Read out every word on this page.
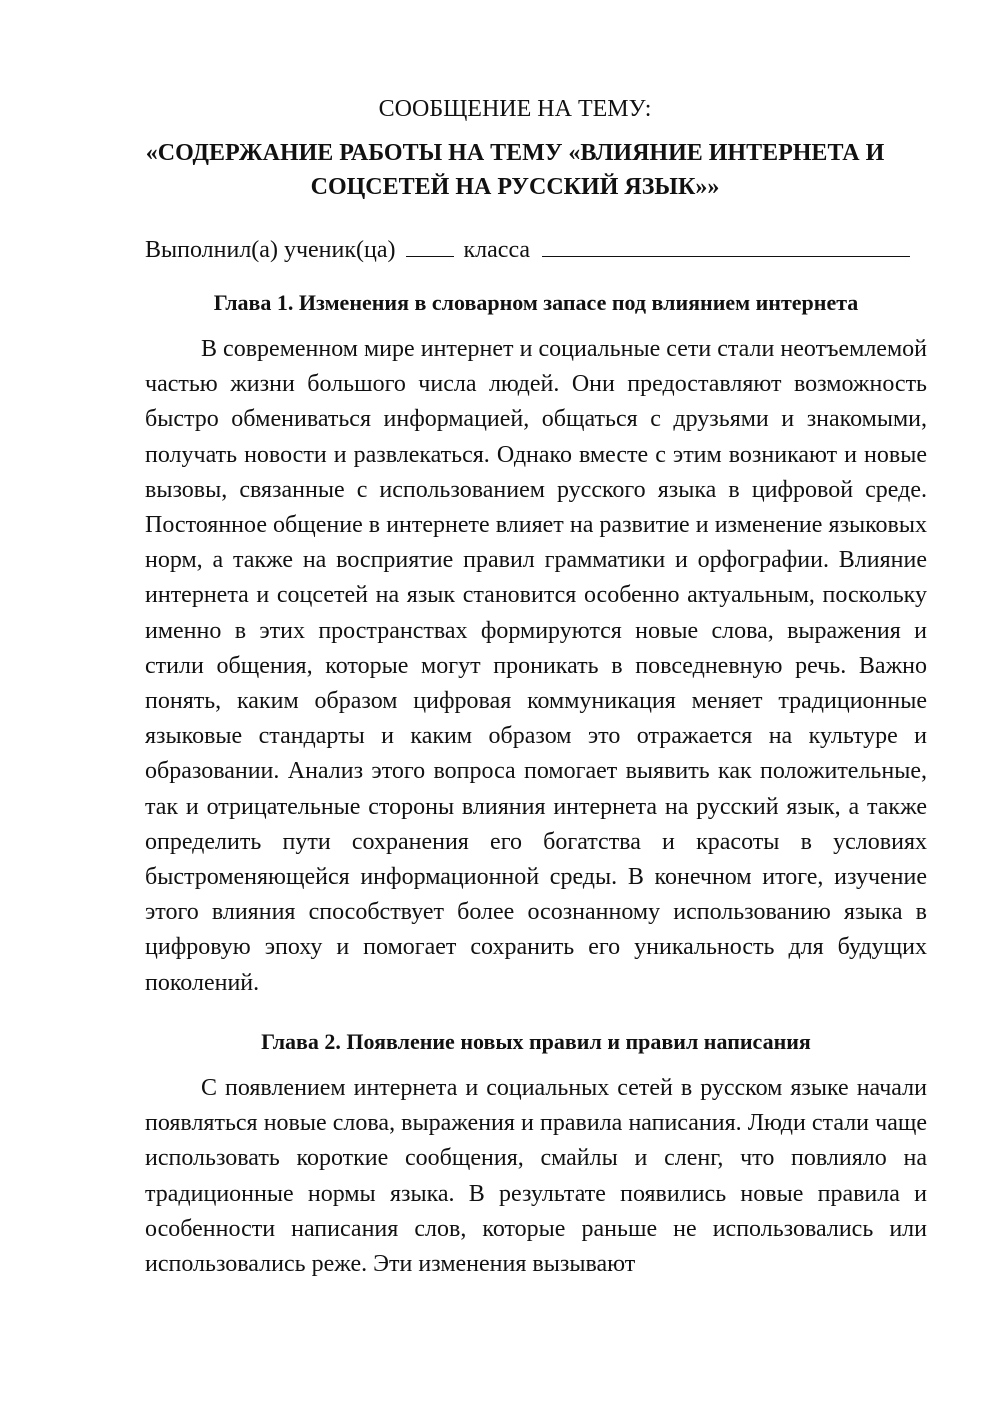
СООБЩЕНИЕ НА ТЕМУ:

«СОДЕРЖАНИЕ РАБОТЫ НА ТЕМУ «ВЛИЯНИЕ ИНТЕРНЕТА И СОЦСЕТЕЙ НА РУССКИЙ ЯЗЫК»»

Выполнил(а) ученик(ца)	класса
Глава 1. Изменения в словарном запасе под влиянием интернета

В современном мире интернет и социальные сети стали неотъемлемой частью жизни большого числа людей. Они предоставляют возможность быстро обмениваться информацией, общаться с друзьями и знакомыми, получать новости и развлекаться. Однако вместе с этим возникают и новые вызовы, связанные с использованием русского языка в цифровой среде. Постоянное общение в интернете влияет на развитие и изменение языковых норм, а также на восприятие правил грамматики и орфографии. Влияние интернета и соцсетей на язык становится особенно актуальным, поскольку именно в этих пространствах формируются новые слова, выражения и стили общения, которые могут проникать в повседневную речь. Важно понять, каким образом цифровая коммуникация меняет традиционные языковые стандарты и каким образом это отражается на культуре и образовании. Анализ этого вопроса помогает выявить как положительные, так и отрицательные стороны влияния интернета на русский язык, а также определить пути сохранения его богатства и красоты в условиях быстроменяющейся информационной среды. В конечном итоге, изучение этого влияния способствует более осознанному использованию языка в цифровую эпоху и помогает сохранить его уникальность для будущих поколений.

Глава 2. Появление новых правил и правил написания

С появлением интернета и социальных сетей в русском языке начали появляться новые слова, выражения и правила написания. Люди стали чаще использовать короткие сообщения, смайлы и сленг, что повлияло на традиционные нормы языка. В результате появились новые правила и особенности написания слов, которые раньше не использовались или использовались реже. Эти изменения вызывают
